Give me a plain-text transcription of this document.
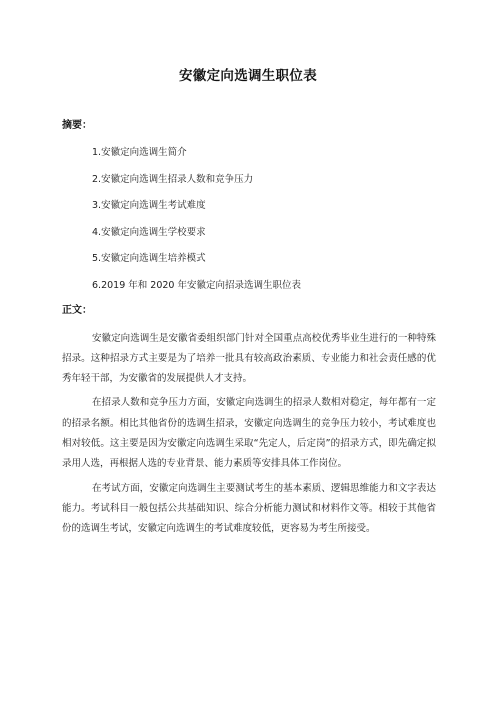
安徽定向选调生职位表
摘要：
1.安徽定向选调生简介
2.安徽定向选调生招录人数和竞争压力
3.安徽定向选调生考试难度
4.安徽定向选调生学校要求
5.安徽定向选调生培养模式
6.2019 年和 2020 年安徽定向招录选调生职位表
正文：

安徽定向选调生是安徽省委组织部门针对全国重点高校优秀毕业生进行的一种特殊招录。这种招录方式主要是为了培养一批具有较高政治素质、专业能力和社会责任感的优秀年轻干部，为安徽省的发展提供人才支持。

在招录人数和竞争压力方面，安徽定向选调生的招录人数相对稳定，每年都有一定的招录名额。相比其他省份的选调生招录，安徽定向选调生的竞争压力较小，考试难度也相对较低。这主要是因为安徽定向选调生采取“先定人，后定岗”的招录方式，即先确定拟录用人选，再根据人选的专业背景、能力素质等安排具体工作岗位。

在考试方面，安徽定向选调生主要测试考生的基本素质、逻辑思维能力和文字表达能力。考试科目一般包括公共基础知识、综合分析能力测试和材料作文等。相较于其他省份的选调生考试，安徽定向选调生的考试难度较低，更容易为考生所接受。
